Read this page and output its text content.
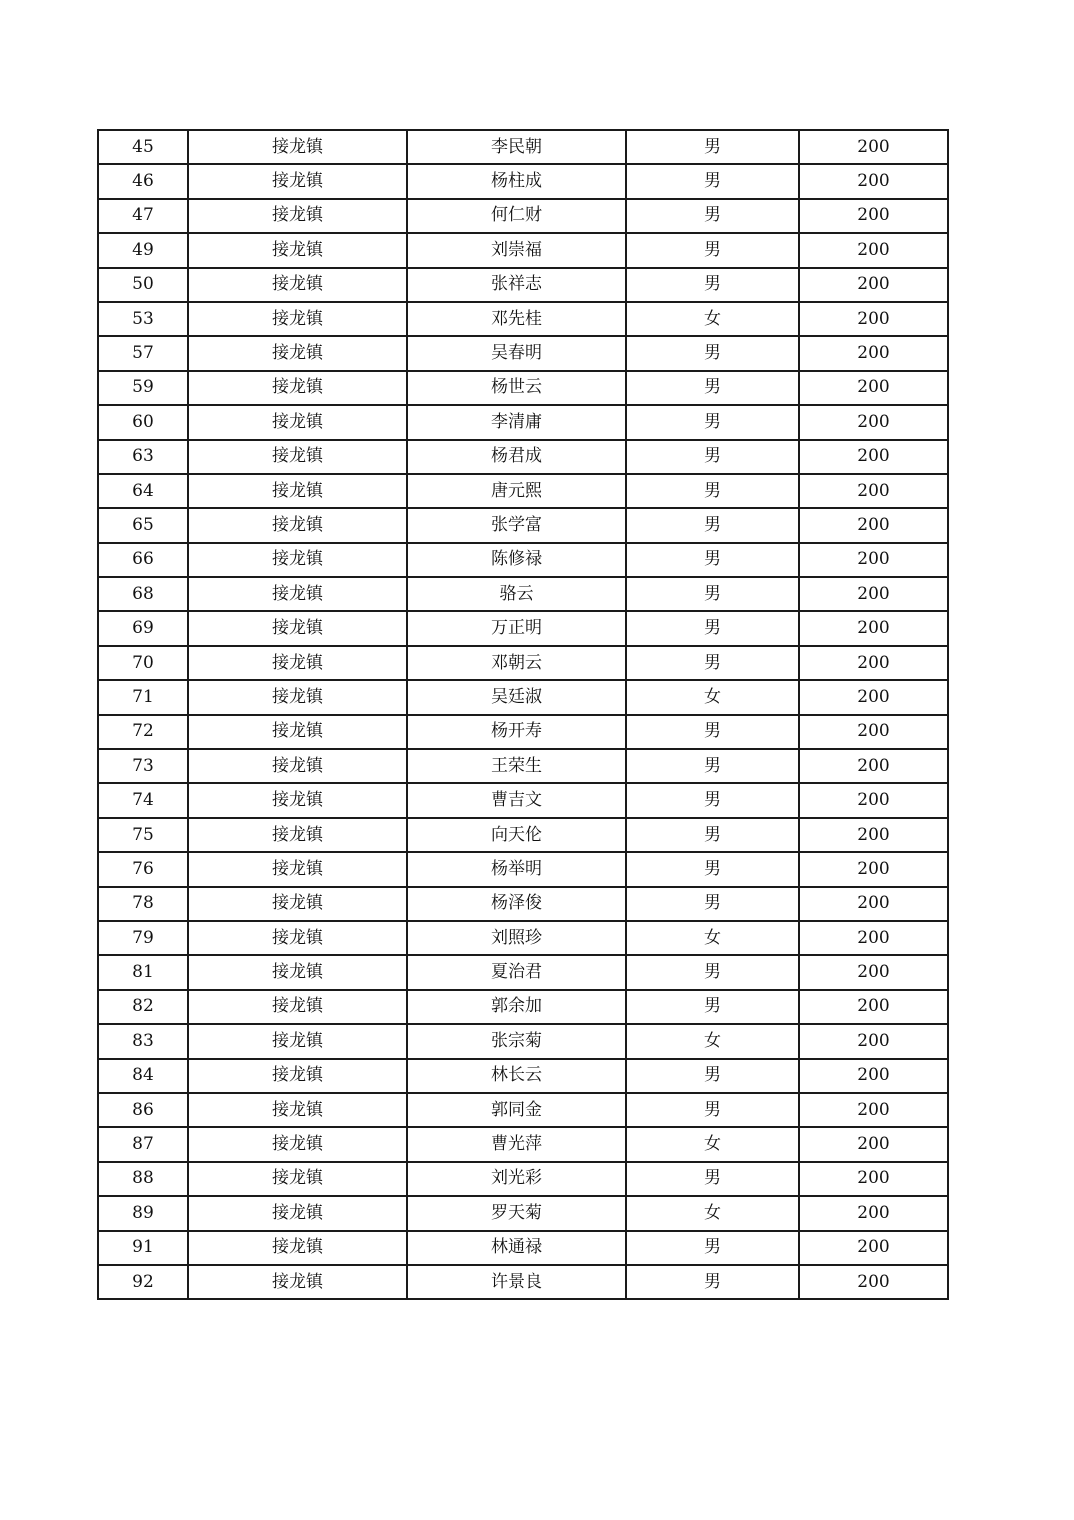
45	接龙镇	李民朝	男	200
46	接龙镇	杨柱成	男	200
47	接龙镇	何仁财	男	200
49	接龙镇	刘崇福	男	200
50	接龙镇	张祥志	男	200
53	接龙镇	邓先桂	女	200
57	接龙镇	吴春明	男	200
59	接龙镇	杨世云	男	200
60	接龙镇	李清庸	男	200
63	接龙镇	杨君成	男	200
64	接龙镇	唐元熙	男	200
65	接龙镇	张学富	男	200
66	接龙镇	陈修禄	男	200
68	接龙镇	骆云	男	200
69	接龙镇	万正明	男	200
70	接龙镇	邓朝云	男	200
71	接龙镇	吴廷淑	女	200
72	接龙镇	杨开寿	男	200
73	接龙镇	王荣生	男	200
74	接龙镇	曹吉文	男	200
75	接龙镇	向天伦	男	200
76	接龙镇	杨举明	男	200
78	接龙镇	杨泽俊	男	200
79	接龙镇	刘照珍	女	200
81	接龙镇	夏治君	男	200
82	接龙镇	郭余加	男	200
83	接龙镇	张宗菊	女	200
84	接龙镇	林长云	男	200
86	接龙镇	郭同金	男	200
87	接龙镇	曹光萍	女	200
88	接龙镇	刘光彩	男	200
89	接龙镇	罗天菊	女	200
91	接龙镇	林通禄	男	200
92	接龙镇	许景良	男	200
